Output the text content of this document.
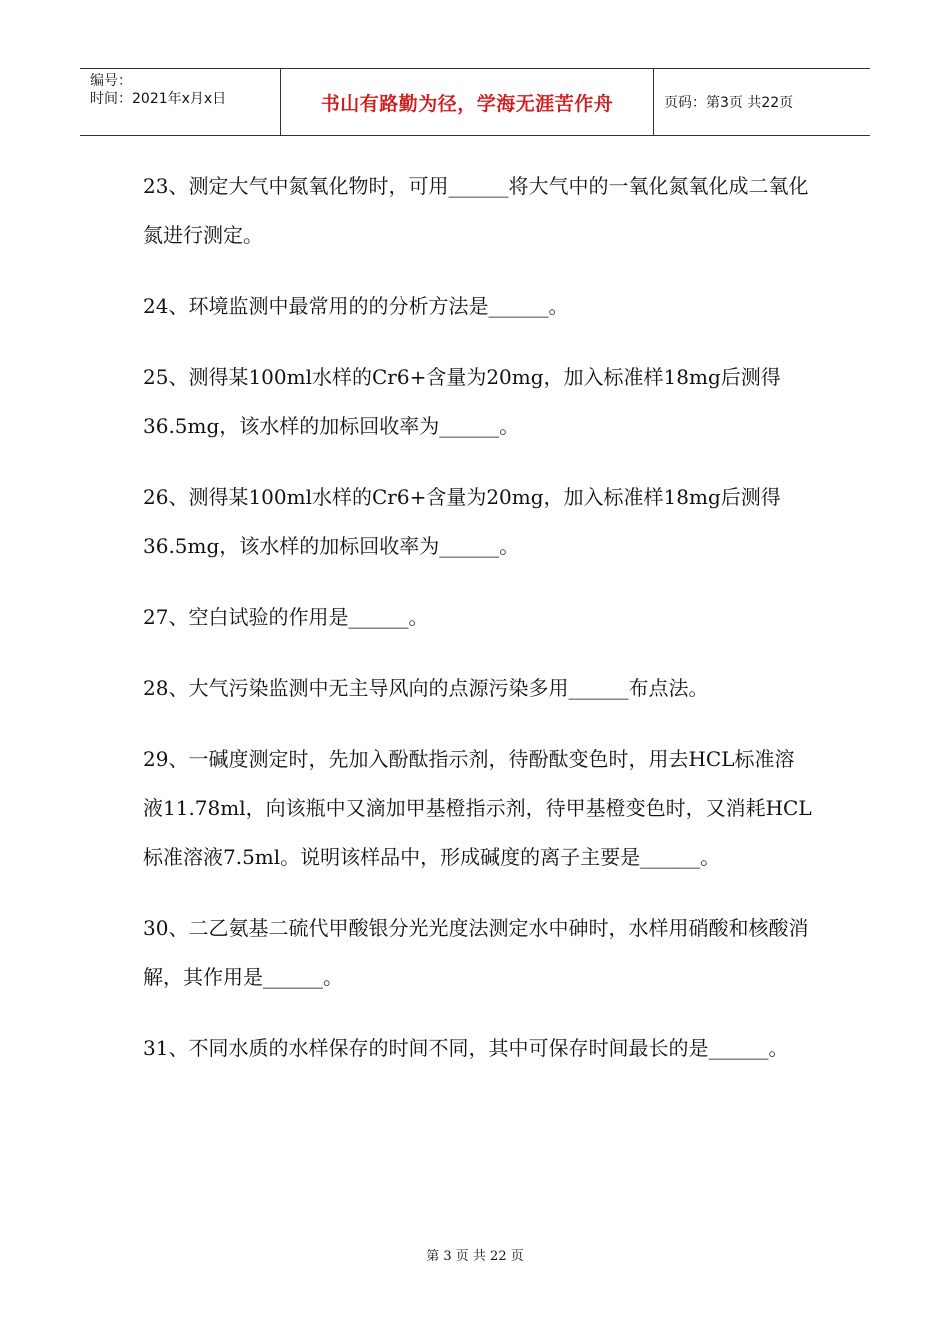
编号：
时间：2021年x月x日	书山有路勤为径，学海无涯苦作舟	页码：第3页 共22页

23、测定大气中氮氧化物时，可用______将大气中的一氧化氮氧化成二氧化氮进行测定。

24、环境监测中最常用的的分析方法是______。

25、测得某100ml水样的Cr6+含量为20mg，加入标准样18mg后测得36.5mg，该水样的加标回收率为______。

26、测得某100ml水样的Cr6+含量为20mg，加入标准样18mg后测得36.5mg，该水样的加标回收率为______。

27、空白试验的作用是______。

28、大气污染监测中无主导风向的点源污染多用______布点法。

29、一碱度测定时，先加入酚酞指示剂，待酚酞变色时，用去HCL标准溶液11.78ml，向该瓶中又滴加甲基橙指示剂，待甲基橙变色时，又消耗HCL标准溶液7.5ml。说明该样品中，形成碱度的离子主要是______。

30、二乙氨基二硫代甲酸银分光光度法测定水中砷时，水样用硝酸和核酸消解，其作用是______。

31、不同水质的水样保存的时间不同，其中可保存时间最长的是______。

第 3 页 共 22 页
